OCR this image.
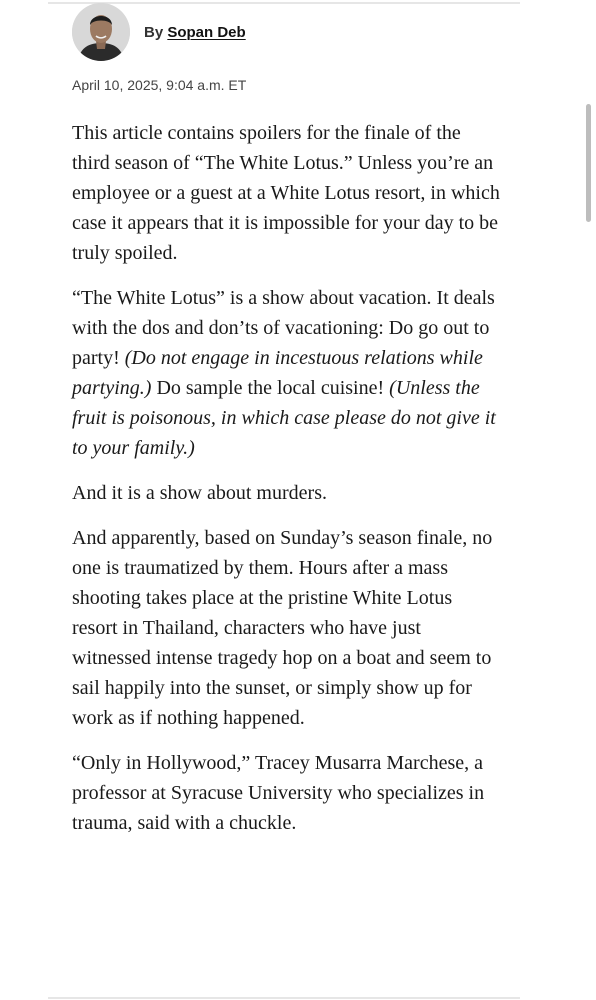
By Sopan Deb
April 10, 2025, 9:04 a.m. ET

This article contains spoilers for the finale of the third season of “The White Lotus.” Unless you’re an employee or a guest at a White Lotus resort, in which case it appears that it is impossible for your day to be truly spoiled.

“The White Lotus” is a show about vacation. It deals with the dos and don’ts of vacationing: Do go out to party! (Do not engage in incestuous relations while partying.) Do sample the local cuisine! (Unless the fruit is poisonous, in which case please do not give it to your family.)

And it is a show about murders.

And apparently, based on Sunday’s season finale, no one is traumatized by them. Hours after a mass shooting takes place at the pristine White Lotus resort in Thailand, characters who have just witnessed intense tragedy hop on a boat and seem to sail happily into the sunset, or simply show up for work as if nothing happened.

“Only in Hollywood,” Tracey Musarra Marchese, a professor at Syracuse University who specializes in trauma, said with a chuckle.
